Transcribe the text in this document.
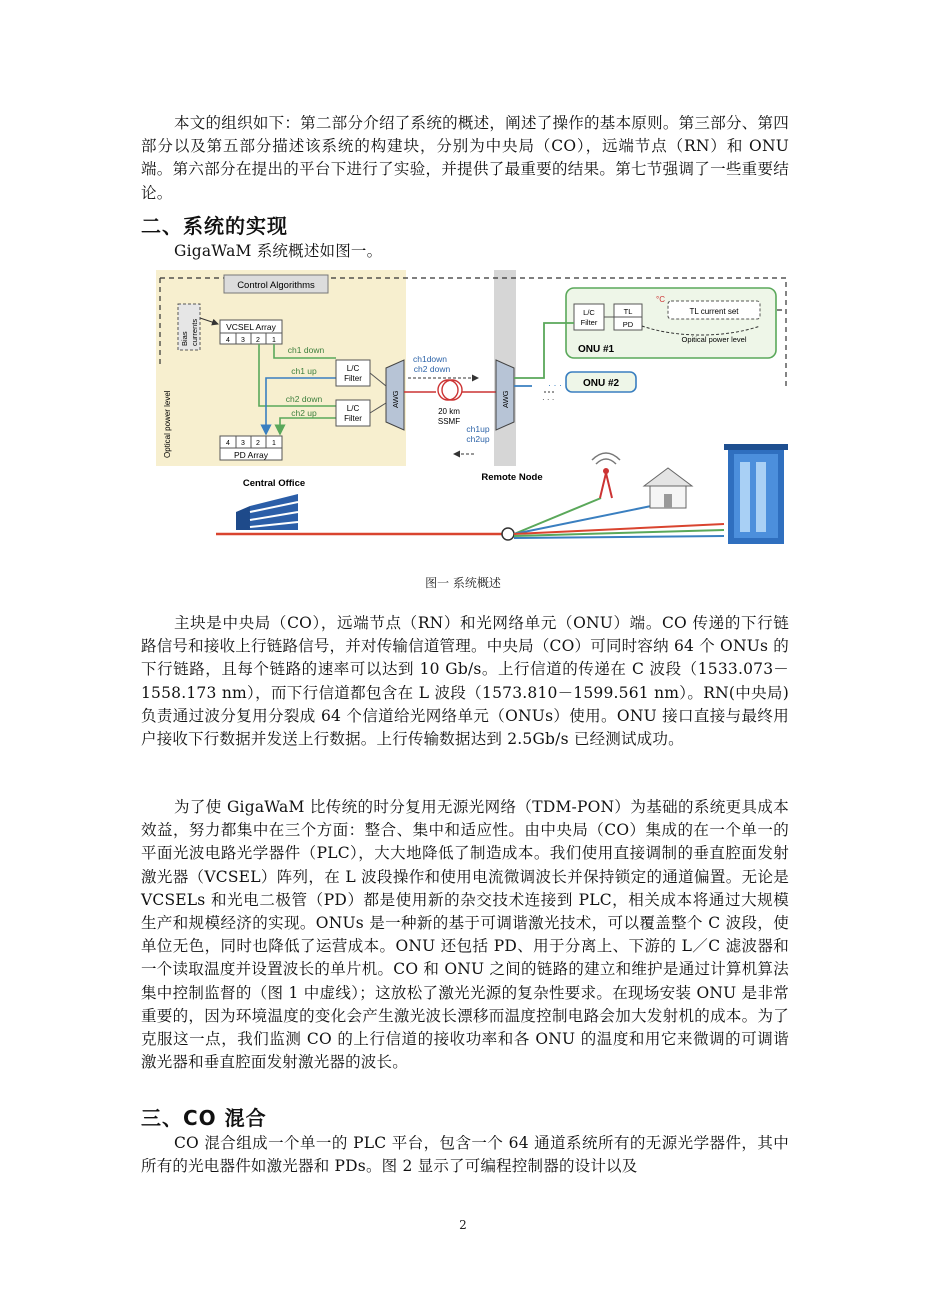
本文的组织如下：第二部分介绍了系统的概述，阐述了操作的基本原则。第三部分、第四部分以及第五部分描述该系统的构建块，分别为中央局（CO），远端节点（RN）和 ONU 端。第六部分在提出的平台下进行了实验，并提供了最重要的结果。第七节强调了一些重要结论。

二、系统的实现

GigaWaM 系统概述如图一。

Control Algorithms
Optical power level
Bias currents	VCSEL Array
4 3 2 1
4 3 2 1
PD Array
ch1 down
ch1 up
ch2 down
ch2 up
L/C
Filter
L/C
Filter
AWG
20 km
SSMF
ch1down
ch2 down
ch1up
ch2up
AWG
L/C
Filter
TL
PD
°C
TL current set
Opitical power level
ONU #1
· · ·
· · ·
ONU #2
Central Office
Remote Node
图一 系统概述

主块是中央局（CO），远端节点（RN）和光网络单元（ONU）端。CO 传递的下行链路信号和接收上行链路信号，并对传输信道管理。中央局（CO）可同时容纳 64 个 ONUs 的下行链路，且每个链路的速率可以达到 10 Gb/s。上行信道的传递在 C 波段（1533.073－1558.173 nm），而下行信道都包含在 L 波段（1573.810－1599.561 nm）。RN(中央局)负责通过波分复用分裂成 64 个信道给光网络单元（ONUs）使用。ONU 接口直接与最终用户接收下行数据并发送上行数据。上行传输数据达到 2.5Gb/s 已经测试成功。

为了使 GigaWaM 比传统的时分复用无源光网络（TDM-PON）为基础的系统更具成本效益，努力都集中在三个方面：整合、集中和适应性。由中央局（CO）集成的在一个单一的平面光波电路光学器件（PLC），大大地降低了制造成本。我们使用直接调制的垂直腔面发射激光器（VCSEL）阵列，在 L 波段操作和使用电流微调波长并保持锁定的通道偏置。无论是 VCSELs 和光电二极管（PD）都是使用新的杂交技术连接到 PLC，相关成本将通过大规模生产和规模经济的实现。ONUs 是一种新的基于可调谐激光技术，可以覆盖整个 C 波段，使单位无色，同时也降低了运营成本。ONU 还包括 PD、用于分离上、下游的 L／C 滤波器和一个读取温度并设置波长的单片机。CO 和 ONU 之间的链路的建立和维护是通过计算机算法集中控制监督的（图 1 中虚线）；这放松了激光光源的复杂性要求。在现场安装 ONU 是非常重要的，因为环境温度的变化会产生激光波长漂移而温度控制电路会加大发射机的成本。为了克服这一点，我们监测 CO 的上行信道的接收功率和各 ONU 的温度和用它来微调的可调谐激光器和垂直腔面发射激光器的波长。

三、CO 混合

CO 混合组成一个单一的 PLC 平台，包含一个 64 通道系统所有的无源光学器件，其中所有的光电器件如激光器和 PDs。图 2 显示了可编程控制器的设计以及

2
